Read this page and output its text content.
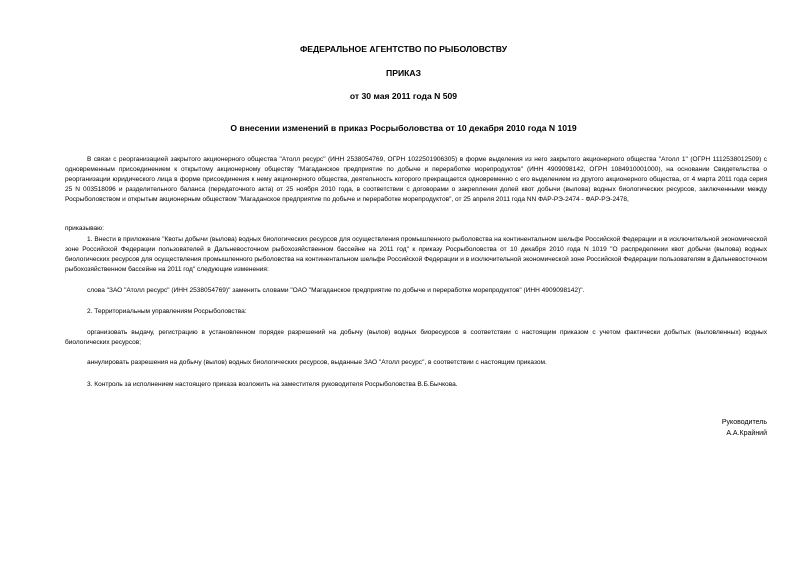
ФЕДЕРАЛЬНОЕ АГЕНТСТВО ПО РЫБОЛОВСТВУ
ПРИКАЗ
от 30 мая 2011 года N 509
О внесении изменений в приказ Росрыболовства от 10 декабря 2010 года N 1019

В связи с реорганизацией закрытого акционерного общества "Атолл ресурс" (ИНН 2538054769, ОГРН 1022501906305) в форме выделения из него закрытого акционерного общества "Атолл 1" (ОГРН 1112538012509) с одновременным присоединением к открытому акционерному обществу "Магаданское предприятие по добыче и переработке морепродуктов" (ИНН 4909098142, ОГРН 1084910001000), на основании Свидетельства о реорганизации юридического лица в форме присоединения к нему акционерного общества, деятельность которого прекращается одновременно с его выделением из другого акционерного общества, от 4 марта 2011 года серия 25 N 003518096 и разделительного баланса (передаточного акта) от 25 ноября 2010 года, в соответствии с договорами о закреплении долей квот добычи (вылова) водных биологических ресурсов, заключенными между Росрыболовством и открытым акционерным обществом "Магаданское предприятие по добыче и переработке морепродуктов", от 25 апреля 2011 года NN ФАР-РЭ-2474 - ФАР-РЭ-2478,

приказываю:

1. Внести в приложение "Квоты добычи (вылова) водных биологических ресурсов для осуществления промышленного рыболовства на континентальном шельфе Российской Федерации и в исключительной экономической зоне Российской Федерации пользователей в Дальневосточном рыбохозяйственном бассейне на 2011 год" к приказу Росрыболовства от 10 декабря 2010 года N 1019 "О распределении квот добычи (вылова) водных биологических ресурсов для осуществления промышленного рыболовства на континентальном шельфе Российской Федерации и в исключительной экономической зоне Российской Федерации пользователям в Дальневосточном рыбохозяйственном бассейне на 2011 год" следующие изменения:

слова "ЗАО "Атолл ресурс" (ИНН 2538054769)" заменить словами "ОАО "Магаданское предприятие по добыче и переработке морепродуктов" (ИНН 4909098142)".

2. Территориальным управлениям Росрыболовства:

организовать выдачу, регистрацию в установленном порядке разрешений на добычу (вылов) водных биоресурсов в соответствии с настоящим приказом с учетом фактически добытых (выловленных) водных биологических ресурсов;

аннулировать разрешения на добычу (вылов) водных биологических ресурсов, выданные ЗАО "Атолл ресурс", в соответствии с настоящим приказом.

3. Контроль за исполнением настоящего приказа возложить на заместителя руководителя Росрыболовства В.Б.Бычкова.

Руководитель
А.А.Крайний
